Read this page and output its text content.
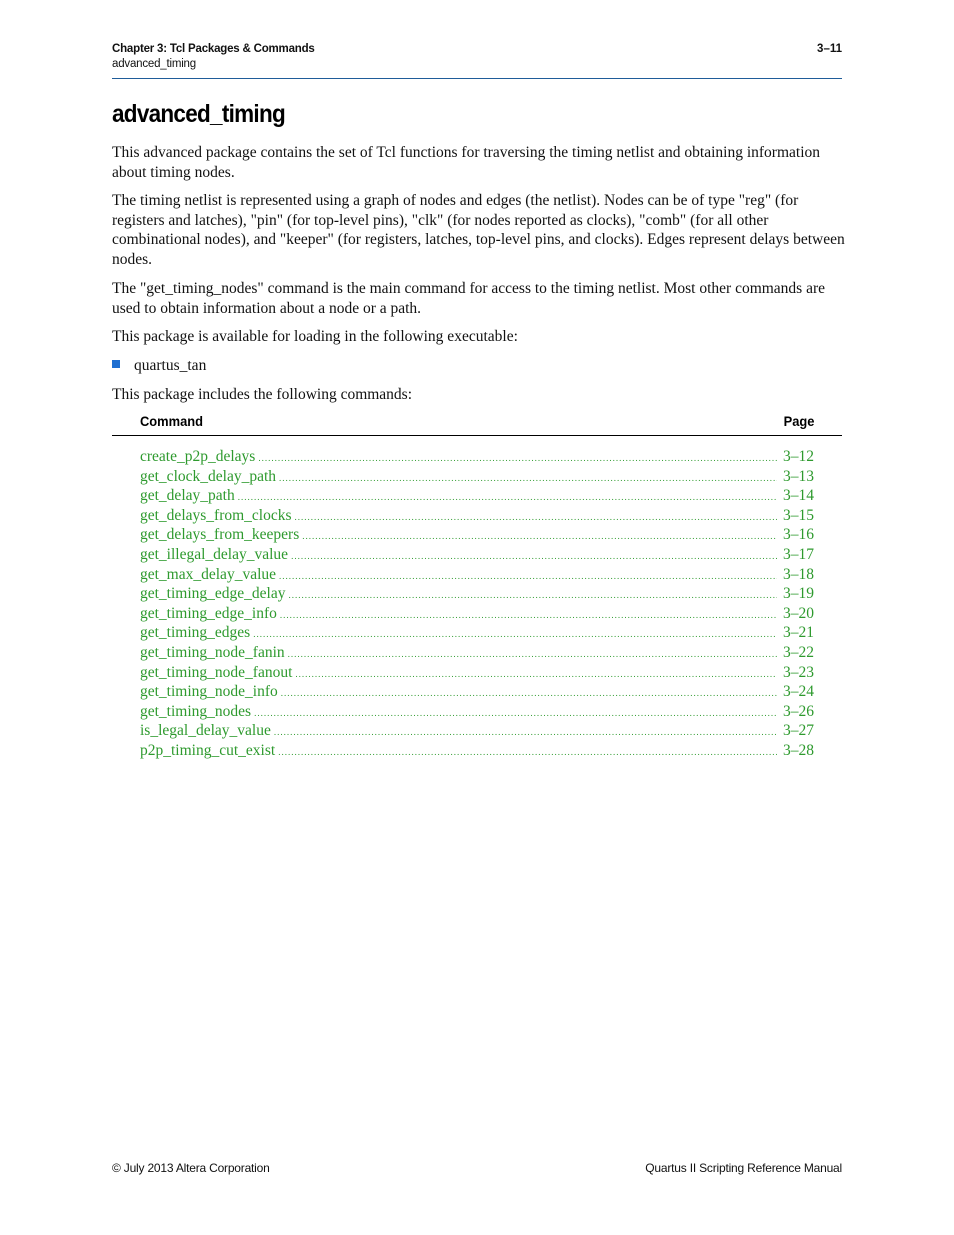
Chapter 3: Tcl Packages & Commands
advanced_timing
3–11
advanced_timing

This advanced package contains the set of Tcl functions for traversing the timing netlist and obtaining information about timing nodes.

The timing netlist is represented using a graph of nodes and edges (the netlist). Nodes can be of type "reg" (for registers and latches), "pin" (for top-level pins), "clk" (for nodes reported as clocks), "comb" (for all other combinational nodes), and "keeper" (for registers, latches, top-level pins, and clocks). Edges represent delays between nodes.

The "get_timing_nodes" command is the main command for access to the timing netlist. Most other commands are used to obtain information about a node or a path.

This package is available for loading in the following executable:

quartus_tan

This package includes the following commands:

Command	Page
create_p2p_delays .....	3–12
get_clock_delay_path .....	3–13
get_delay_path .....	3–14
get_delays_from_clocks .....	3–15
get_delays_from_keepers .....	3–16
get_illegal_delay_value .....	3–17
get_max_delay_value .....	3–18
get_timing_edge_delay .....	3–19
get_timing_edge_info .....	3–20
get_timing_edges .....	3–21
get_timing_node_fanin .....	3–22
get_timing_node_fanout .....	3–23
get_timing_node_info .....	3–24
get_timing_nodes .....	3–26
is_legal_delay_value .....	3–27
p2p_timing_cut_exist .....	3–28
© July 2013 Altera Corporation	Quartus II Scripting Reference Manual
